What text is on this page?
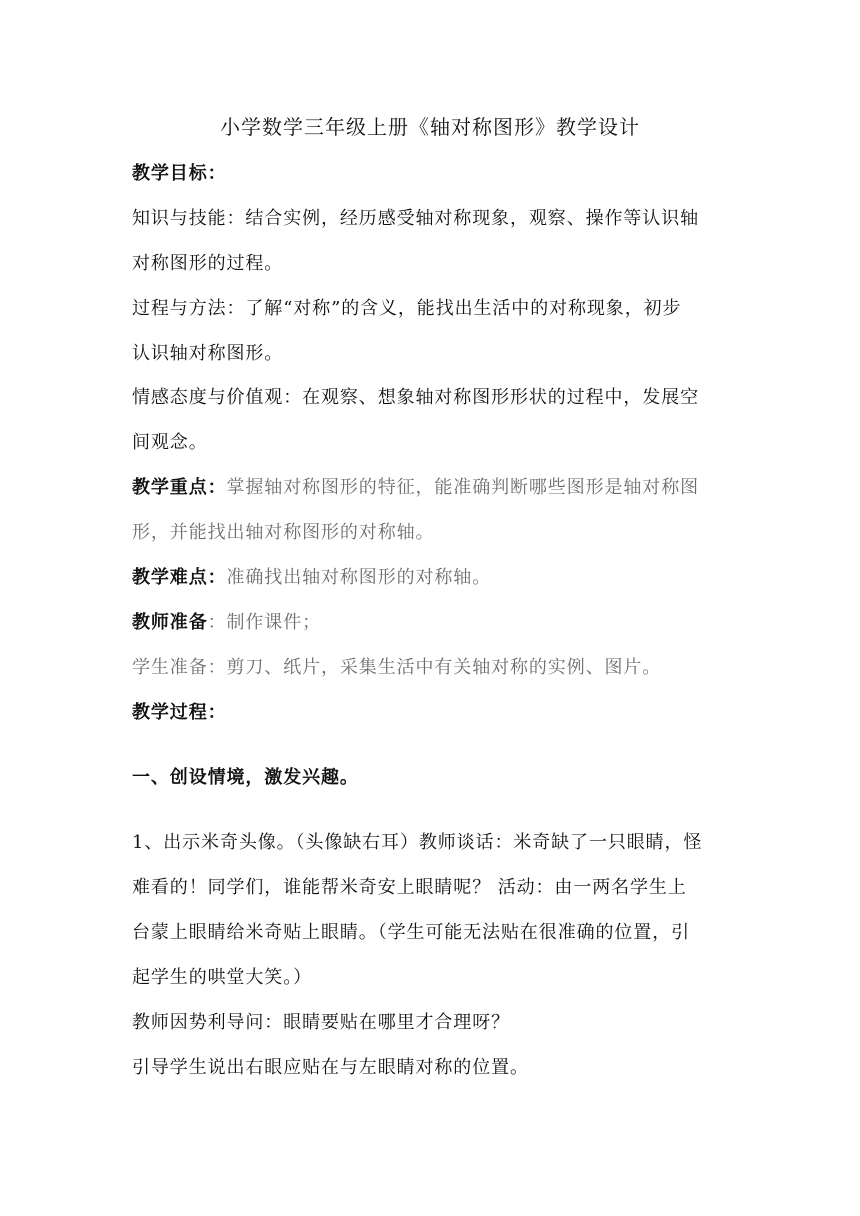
小学数学三年级上册《轴对称图形》教学设计
教学目标：
知识与技能：结合实例，经历感受轴对称现象，观察、操作等认识轴
对称图形的过程。
过程与方法：了解“对称”的含义，能找出生活中的对称现象，初步
认识轴对称图形。
情感态度与价值观：在观察、想象轴对称图形形状的过程中，发展空
间观念。
教学重点：掌握轴对称图形的特征，能准确判断哪些图形是轴对称图
形，并能找出轴对称图形的对称轴。
教学难点：准确找出轴对称图形的对称轴。
教师准备：制作课件；
学生准备：剪刀、纸片，采集生活中有关轴对称的实例、图片。
教学过程：
一、创设情境，激发兴趣。
1、出示米奇头像。（头像缺右耳）教师谈话：米奇缺了一只眼睛，怪
难看的！同学们，谁能帮米奇安上眼睛呢？ 活动：由一两名学生上
台蒙上眼睛给米奇贴上眼睛。（学生可能无法贴在很准确的位置，引
起学生的哄堂大笑。）
教师因势利导问：眼睛要贴在哪里才合理呀？
引导学生说出右眼应贴在与左眼睛对称的位置。
